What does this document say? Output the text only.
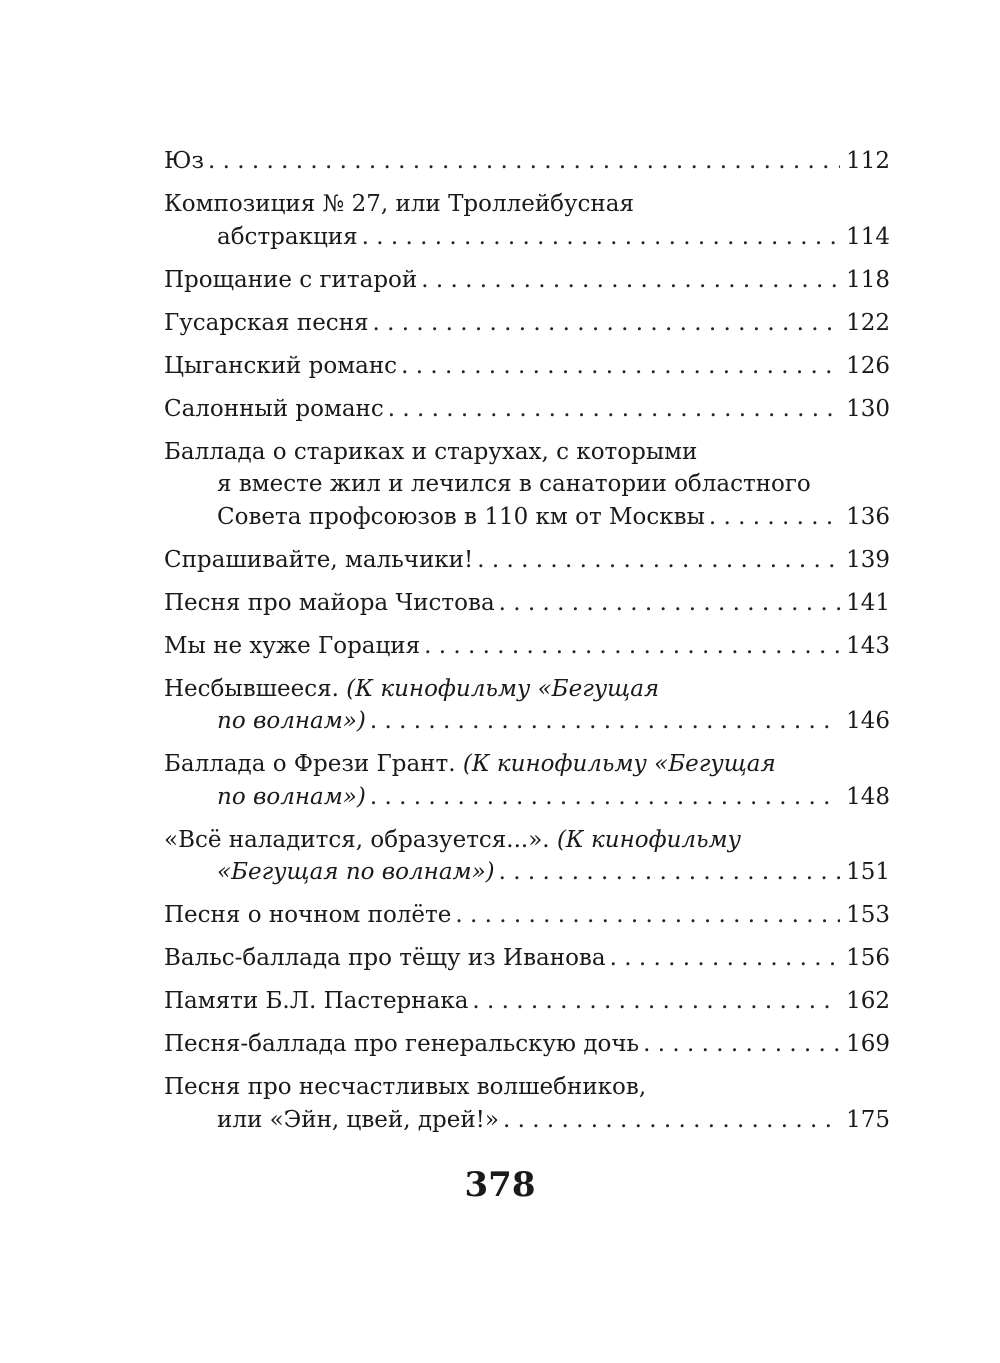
Юз . . .	112
Композиция № 27, или Троллейбусная
абстракция . . .	114
Прощание с гитарой . . .	118
Гусарская песня . . .	122
Цыганский романс . . .	126
Салонный романс . . .	130
Баллада о стариках и старухах, с которыми
я вместе жил и лечился в санатории областного
Совета профсоюзов в 110 км от Москвы . . .	136
Спрашивайте, мальчики! . . .	139
Песня про майора Чистова . . .	141
Мы не хуже Горация . . .	143
Несбывшееся. (К кинофильму «Бегущая
по волнам») . . .	146
Баллада о Фрези Грант. (К кинофильму «Бегущая
по волнам») . . .	148
«Всё наладится, образуется...». (К кинофильму
«Бегущая по волнам») . . .	151
Песня о ночном полёте . . .	153
Вальс-баллада про тёщу из Иванова . . .	156
Памяти Б.Л. Пастернака . . .	162
Песня-баллада про генеральскую дочь . . .	169
Песня про несчастливых волшебников,
или «Эйн, цвей, дрей!» . . .	175
378
